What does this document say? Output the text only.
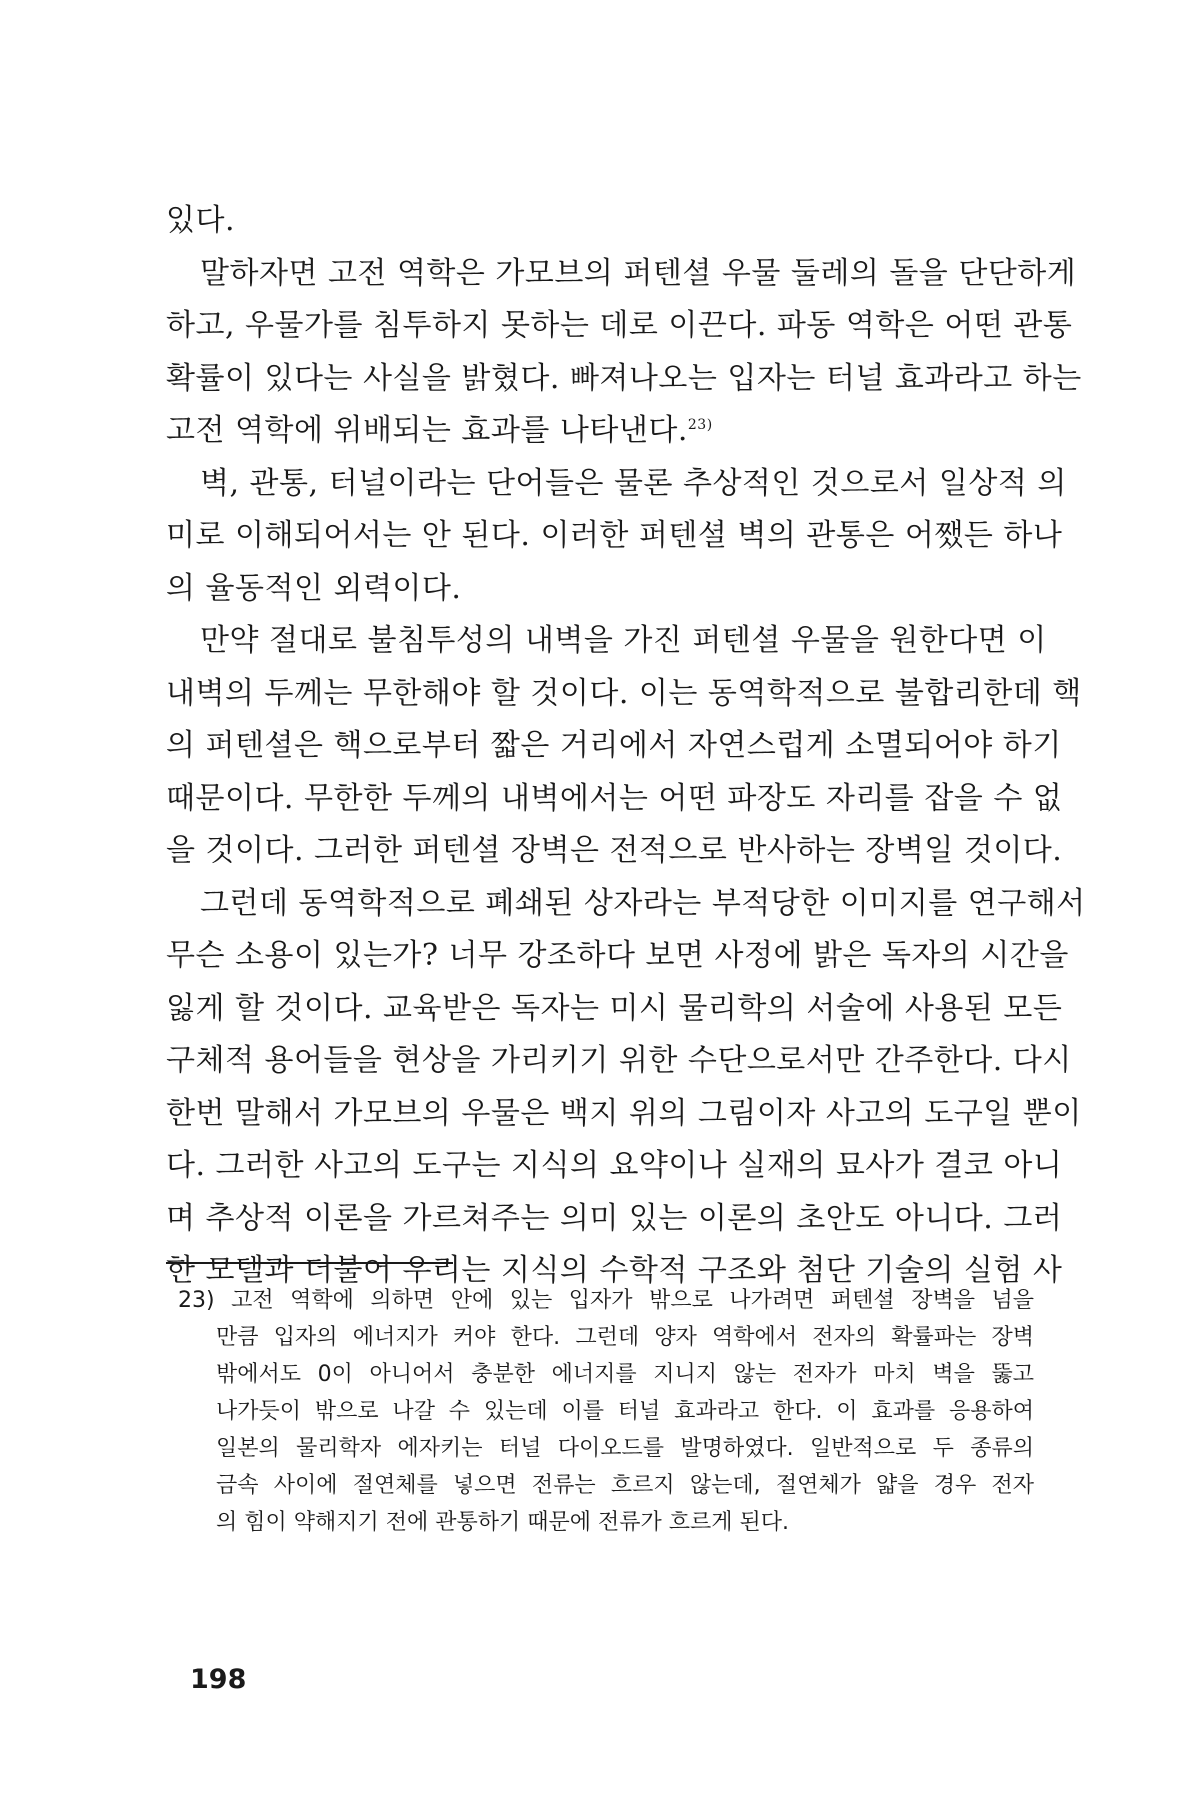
있다.
말하자면 고전 역학은 가모브의 퍼텐셜 우물 둘레의 돌을 단단하게
하고, 우물가를 침투하지 못하는 데로 이끈다. 파동 역학은 어떤 관통
확률이 있다는 사실을 밝혔다. 빠져나오는 입자는 터널 효과라고 하는
고전 역학에 위배되는 효과를 나타낸다.$^{23)}$
벽, 관통, 터널이라는 단어들은 물론 추상적인 것으로서 일상적 의
미로 이해되어서는 안 된다. 이러한 퍼텐셜 벽의 관통은 어쨌든 하나
의 율동적인 외력이다.
만약 절대로 불침투성의 내벽을 가진 퍼텐셜 우물을 원한다면 이
내벽의 두께는 무한해야 할 것이다. 이는 동역학적으로 불합리한데 핵
의 퍼텐셜은 핵으로부터 짧은 거리에서 자연스럽게 소멸되어야 하기
때문이다. 무한한 두께의 내벽에서는 어떤 파장도 자리를 잡을 수 없
을 것이다. 그러한 퍼텐셜 장벽은 전적으로 반사하는 장벽일 것이다.
그런데 동역학적으로 폐쇄된 상자라는 부적당한 이미지를 연구해서
무슨 소용이 있는가? 너무 강조하다 보면 사정에 밝은 독자의 시간을
잃게 할 것이다. 교육받은 독자는 미시 물리학의 서술에 사용된 모든
구체적 용어들을 현상을 가리키기 위한 수단으로서만 간주한다. 다시
한번 말해서 가모브의 우물은 백지 위의 그림이자 사고의 도구일 뿐이
다. 그러한 사고의 도구는 지식의 요약이나 실재의 묘사가 결코 아니
며 추상적 이론을 가르쳐주는 의미 있는 이론의 초안도 아니다. 그러
한 모델과 더불어 우리는 지식의 수학적 구조와 첨단 기술의 실험 사
23) 고전 역학에 의하면 안에 있는 입자가 밖으로 나가려면 퍼텐셜 장벽을 넘을
만큼 입자의 에너지가 커야 한다. 그런데 양자 역학에서 전자의 확률파는 장벽
밖에서도 0이 아니어서 충분한 에너지를 지니지 않는 전자가 마치 벽을 뚫고
나가듯이 밖으로 나갈 수 있는데 이를 터널 효과라고 한다. 이 효과를 응용하여
일본의 물리학자 에자키는 터널 다이오드를 발명하였다. 일반적으로 두 종류의
금속 사이에 절연체를 넣으면 전류는 흐르지 않는데, 절연체가 얇을 경우 전자
의 힘이 약해지기 전에 관통하기 때문에 전류가 흐르게 된다.
198
